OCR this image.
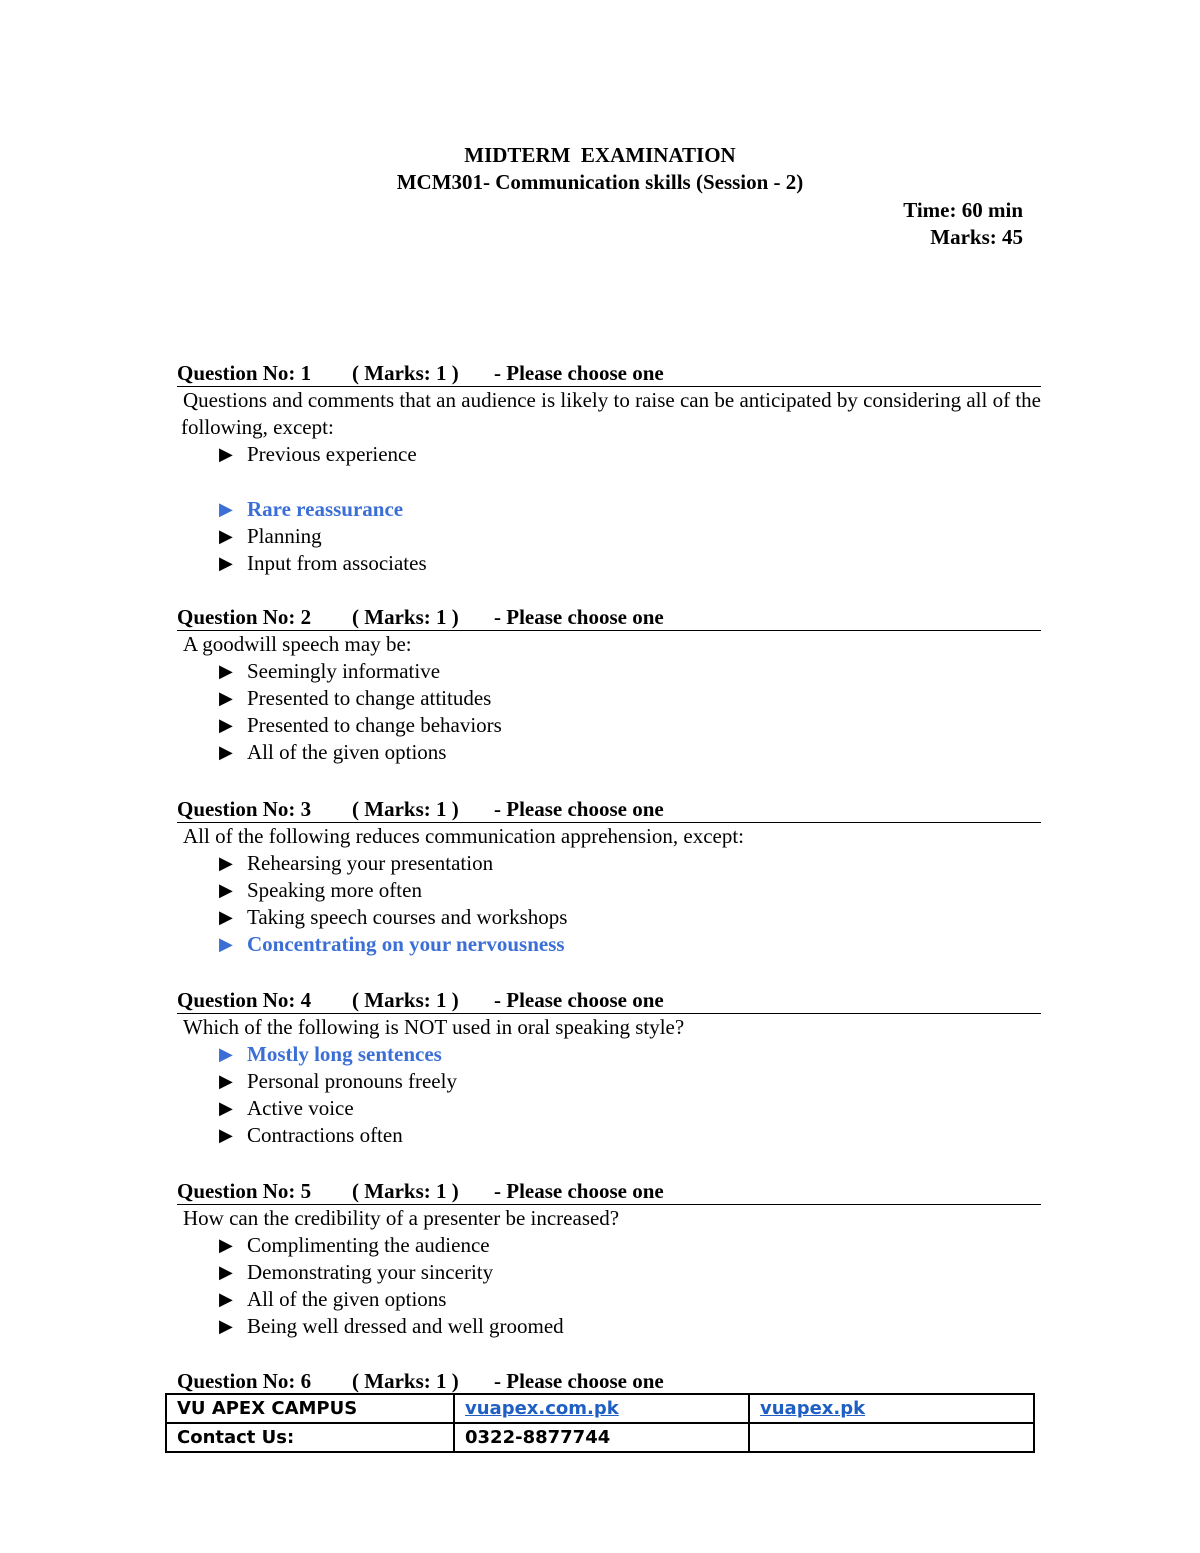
MIDTERM  EXAMINATION
MCM301- Communication skills (Session - 2)
Time: 60 min
Marks: 45
Question No: 1 ( Marks: 1 ) - Please choose one
Questions and comments that an audience is likely to raise can be anticipated by considering all of the following, except:
▶ Previous experience
▶ Rare reassurance
▶ Planning
▶ Input from associates
Question No: 2 ( Marks: 1 ) - Please choose one
A goodwill speech may be:
▶ Seemingly informative
▶ Presented to change attitudes
▶ Presented to change behaviors
▶ All of the given options
Question No: 3 ( Marks: 1 ) - Please choose one
All of the following reduces communication apprehension, except:
▶ Rehearsing your presentation
▶ Speaking more often
▶ Taking speech courses and workshops
▶ Concentrating on your nervousness
Question No: 4 ( Marks: 1 ) - Please choose one
Which of the following is NOT used in oral speaking style?
▶ Mostly long sentences
▶ Personal pronouns freely
▶ Active voice
▶ Contractions often
Question No: 5 ( Marks: 1 ) - Please choose one
How can the credibility of a presenter be increased?
▶ Complimenting the audience
▶ Demonstrating your sincerity
▶ All of the given options
▶ Being well dressed and well groomed
Question No: 6 ( Marks: 1 ) - Please choose one
VU APEX CAMPUS	vuapex.com.pk	vuapex.pk
Contact Us:	0322-8877744	
